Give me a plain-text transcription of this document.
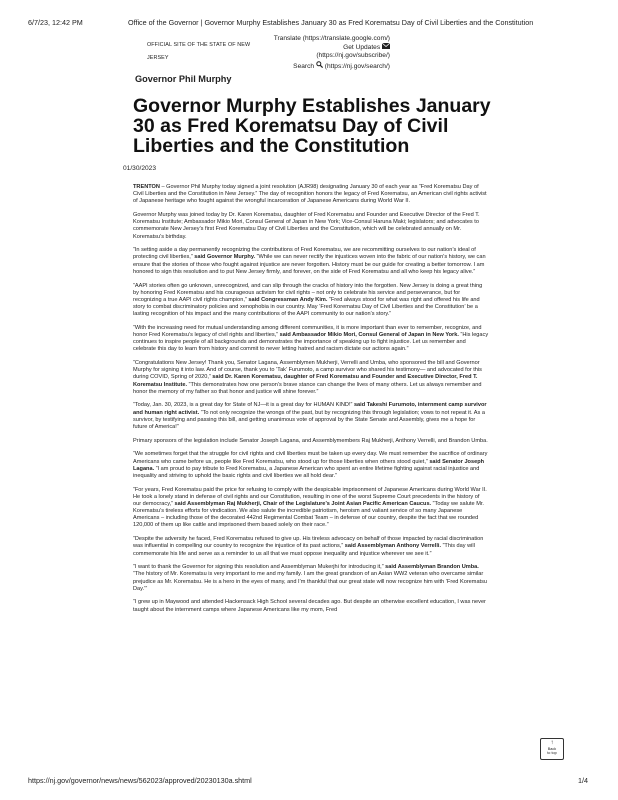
6/7/23, 12:42 PM	Office of the Governor | Governor Murphy Establishes January 30 as Fred Korematsu Day of Civil Liberties and the Constitution
OFFICIAL SITE OF THE STATE OF NEW
JERSEY
Translate (https://translate.google.com/)
Get Updates
(https://nj.gov/subscribe/)
Search (https://nj.gov/search/)
Governor Phil Murphy
Governor Murphy Establishes January 30 as Fred Korematsu Day of Civil Liberties and the Constitution
01/30/2023

TRENTON – Governor Phil Murphy today signed a joint resolution (AJR98) designating January 30 of each year as “Fred Korematsu Day of Civil Liberties and the Constitution in New Jersey.” The day of recognition honors the legacy of Fred Korematsu, an American civil rights activist of Japanese heritage who fought against the wrongful incarceration of Japanese Americans during World War II.

Governor Murphy was joined today by Dr. Karen Korematsu, daughter of Fred Korematsu and Founder and Executive Director of the Fred T. Korematsu Institute; Ambassador Mikio Mori, Consul General of Japan in New York; Vice-Consul Haruna Maki; legislators; and advocates to commemorate New Jersey’s first Fred Korematsu Day of Civil Liberties and the Constitution, which will be celebrated annually on Mr. Korematsu’s birthday.

“In setting aside a day permanently recognizing the contributions of Fred Korematsu, we are recommitting ourselves to our nation’s ideal of protecting civil liberties,” said Governor Murphy. “While we can never rectify the injustices woven into the fabric of our nation’s history, we can ensure that the stories of those who fought against injustice are never forgotten. History must be our guide for creating a better tomorrow. I am honored to sign this resolution and to put New Jersey firmly, and forever, on the side of Fred Korematsu and all who keep his legacy alive.”

“AAPI stories often go unknown, unrecognized, and can slip through the cracks of history into the forgotten. New Jersey is doing a great thing by honoring Fred Korematsu and his courageous activism for civil rights – not only to celebrate his service and perseverance, but for recognizing a true AAPI civil rights champion,” said Congressman Andy Kim. “Fred always stood for what was right and offered his life and story to combat discriminatory policies and xenophobia in our country. May ‘Fred Korematsu Day of Civil Liberties and the Constitution’ be a lasting recognition of his impact and the many contributions of the AAPI community to our nation’s story.”

“With the increasing need for mutual understanding among different communities, it is more important than ever to remember, recognize, and honor Fred Korematsu’s legacy of civil rights and liberties,” said Ambassador Mikio Mori, Consul General of Japan in New York. “His legacy continues to inspire people of all backgrounds and demonstrates the importance of speaking up to fight injustice. Let us remember and celebrate this day to learn from history and commit to never letting hatred and racism dictate our actions again.”

“Congratulations New Jersey! Thank you, Senator Lagana, Assemblymen Mukherji, Verrelli and Umba, who sponsored the bill and Governor Murphy for signing it into law. And of course, thank you to ‘Tak’ Furumoto, a camp survivor who shared his testimony— and advocated for this during COVID, Spring of 2020,” said Dr. Karen Korematsu, daughter of Fred Korematsu and Founder and Executive Director, Fred T. Korematsu Institute. “This demonstrates how one person’s brave stance can change the lives of many others. Let us always remember and honor the memory of my father so that honor and justice will shine forever.”

“Today, Jan. 30, 2023, is a great day for State of NJ—it is a great day for HUMAN KIND!” said Takeshi Furumoto, internment camp survivor and human right activist. “To not only recognize the wrongs of the past, but by recognizing this through legislation; vows to not repeat it. As a survivor, by testifying and passing this bill, and getting unanimous vote of approval by the State Senate and Assembly, gives me a hope for future of America!”

Primary sponsors of the legislation include Senator Joseph Lagana, and Assemblymembers Raj Mukherji, Anthony Verrelli, and Brandon Umba.

“We sometimes forget that the struggle for civil rights and civil liberties must be taken up every day. We must remember the sacrifice of ordinary Americans who came before us, people like Fred Korematsu, who stood up for those liberties when others stood quiet,” said Senator Joseph Lagana. “I am proud to pay tribute to Fred Korematsu, a Japanese American who spent an entire lifetime fighting against racial injustice and inequality and striving to uphold the basic rights and civil liberties we all hold dear.”

“For years, Fred Korematsu paid the price for refusing to comply with the despicable imprisonment of Japanese Americans during World War II. He took a lonely stand in defense of civil rights and our Constitution, resulting in one of the worst Supreme Court precedents in the history of our democracy,” said Assemblyman Raj Mukherji, Chair of the Legislature’s Joint Asian Pacific American Caucus. “Today we salute Mr. Korematsu’s tireless efforts for vindication. We also salute the incredible patriotism, heroism and valiant service of so many Japanese Americans – including those of the decorated 442nd Regimental Combat Team – in defense of our country, despite the fact that we rounded 120,000 of them up like cattle and imprisoned them based solely on their race.”

“Despite the adversity he faced, Fred Korematsu refused to give up. His tireless advocacy on behalf of those impacted by racial discrimination was influential in compelling our country to recognize the injustice of its past actions,” said Assemblyman Anthony Verrelli. “This day will commemorate his life and serve as a reminder to us all that we must oppose inequality and injustice wherever we see it.”

“I want to thank the Governor for signing this resolution and Assemblyman Mukerjhi for introducing it,” said Assemblyman Brandon Umba. “The history of Mr. Korematsu is very important to me and my family. I am the great grandson of an Asian WW2 veteran who overcame similar prejudice as Mr. Korematsu. He is a hero in the eyes of many, and I’m thankful that our great state will now recognize him with ‘Fred Korematsu Day.’”

“I grew up in Maywood and attended Hackensack High School several decades ago. But despite an otherwise excellent education, I was never taught about the internment camps where Japanese Americans like my mom, Fred

↑
Back
to top
https://nj.gov/governor/news/news/562023/approved/20230130a.shtml	1/4
